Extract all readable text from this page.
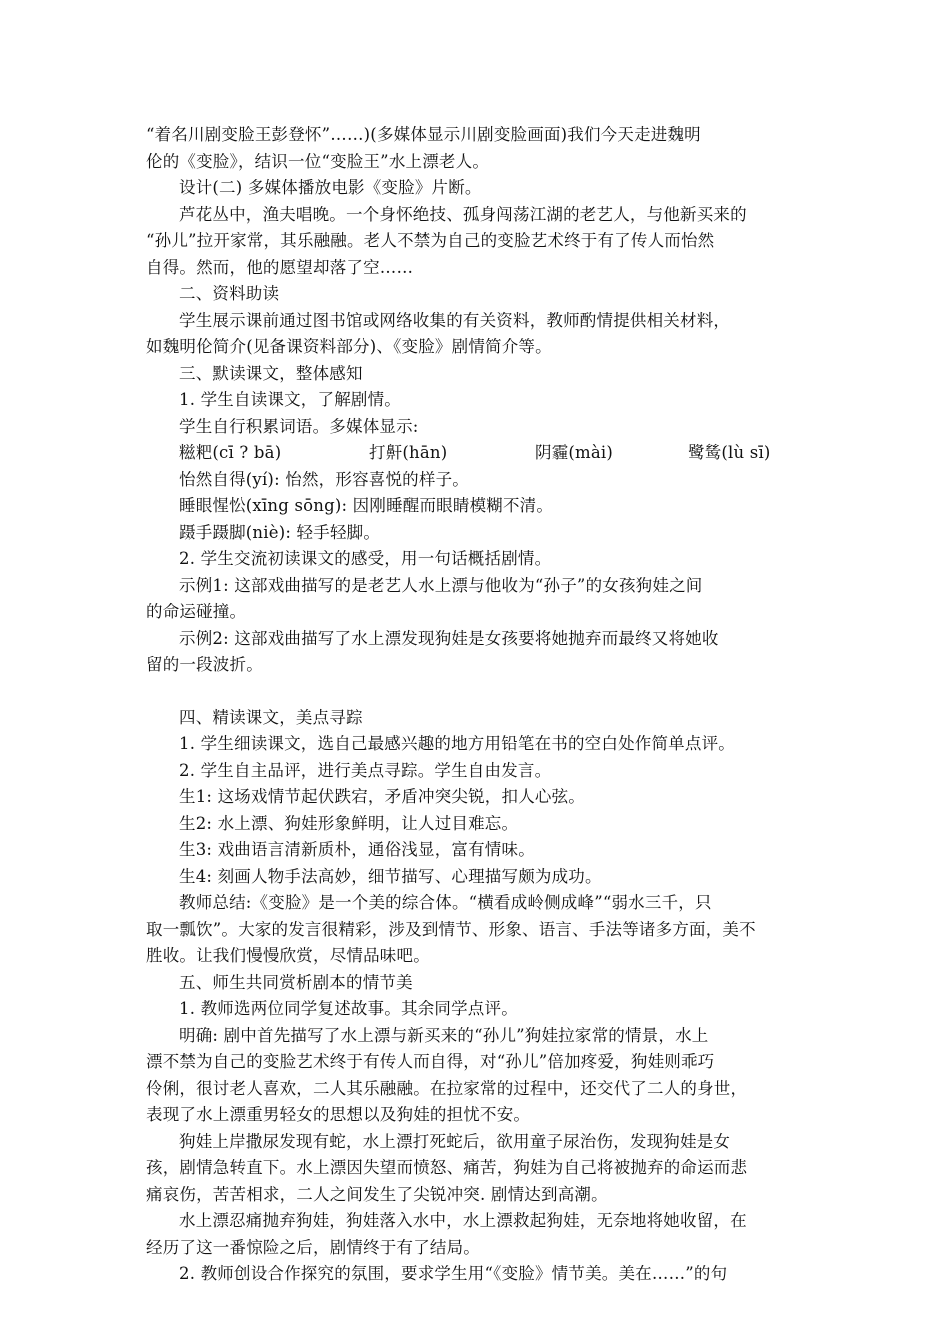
“着名川剧变脸王彭登怀”……)(多媒体显示川剧变脸画面)我们今天走进魏明

伦的《变脸》，结识一位“变脸王”水上漂老人。

设计(二) 多媒体播放电影《变脸》片断。

芦花丛中，渔夫唱晚。一个身怀绝技、孤身闯荡江湖的老艺人，与他新买来的

“孙儿”拉开家常，其乐融融。老人不禁为自己的变脸艺术终于有了传人而怡然

自得。然而，他的愿望却落了空……

二、资料助读

学生展示课前通过图书馆或网络收集的有关资料，教师酌情提供相关材料，

如魏明伦简介(见备课资料部分)、《变脸》剧情简介等。

三、默读课文，整体感知

1. 学生自读课文，了解剧情。

学生自行积累词语。多媒体显示:

糍粑(cī ? bā)	打鼾(hān)	阴霾(mài)	鹭鸶(lù sī)

怡然自得(yí): 怡然，形容喜悦的样子。

睡眼惺忪(xīng sōng): 因刚睡醒而眼睛模糊不清。

蹑手蹑脚(niè): 轻手轻脚。

2. 学生交流初读课文的感受，用一句话概括剧情。

示例1: 这部戏曲描写的是老艺人水上漂与他收为“孙子”的女孩狗娃之间

的命运碰撞。

示例2: 这部戏曲描写了水上漂发现狗娃是女孩要将她抛弃而最终又将她收

留的一段波折。

四、精读课文，美点寻踪

1. 学生细读课文，选自己最感兴趣的地方用铅笔在书的空白处作简单点评。

2. 学生自主品评，进行美点寻踪。学生自由发言。

生1: 这场戏情节起伏跌宕，矛盾冲突尖锐，扣人心弦。

生2: 水上漂、狗娃形象鲜明，让人过目难忘。

生3: 戏曲语言清新质朴，通俗浅显，富有情味。

生4: 刻画人物手法高妙，细节描写、心理描写颇为成功。

教师总结:《变脸》是一个美的综合体。“横看成岭侧成峰”“弱水三千，只

取一瓢饮”。大家的发言很精彩，涉及到情节、形象、语言、手法等诸多方面，美不

胜收。让我们慢慢欣赏，尽情品味吧。

五、师生共同赏析剧本的情节美

1. 教师选两位同学复述故事。其余同学点评。

明确: 剧中首先描写了水上漂与新买来的“孙儿”狗娃拉家常的情景，水上

漂不禁为自己的变脸艺术终于有传人而自得，对“孙儿”倍加疼爱，狗娃则乖巧

伶俐，很讨老人喜欢，二人其乐融融。在拉家常的过程中，还交代了二人的身世，

表现了水上漂重男轻女的思想以及狗娃的担忧不安。

狗娃上岸撒尿发现有蛇，水上漂打死蛇后，欲用童子尿治伤，发现狗娃是女

孩，剧情急转直下。水上漂因失望而愤怒、痛苦，狗娃为自己将被抛弃的命运而悲

痛哀伤，苦苦相求，二人之间发生了尖锐冲突. 剧情达到高潮。

水上漂忍痛抛弃狗娃，狗娃落入水中，水上漂救起狗娃，无奈地将她收留，在

经历了这一番惊险之后，剧情终于有了结局。

2. 教师创设合作探究的氛围，要求学生用“《变脸》情节美。美在……”的句
